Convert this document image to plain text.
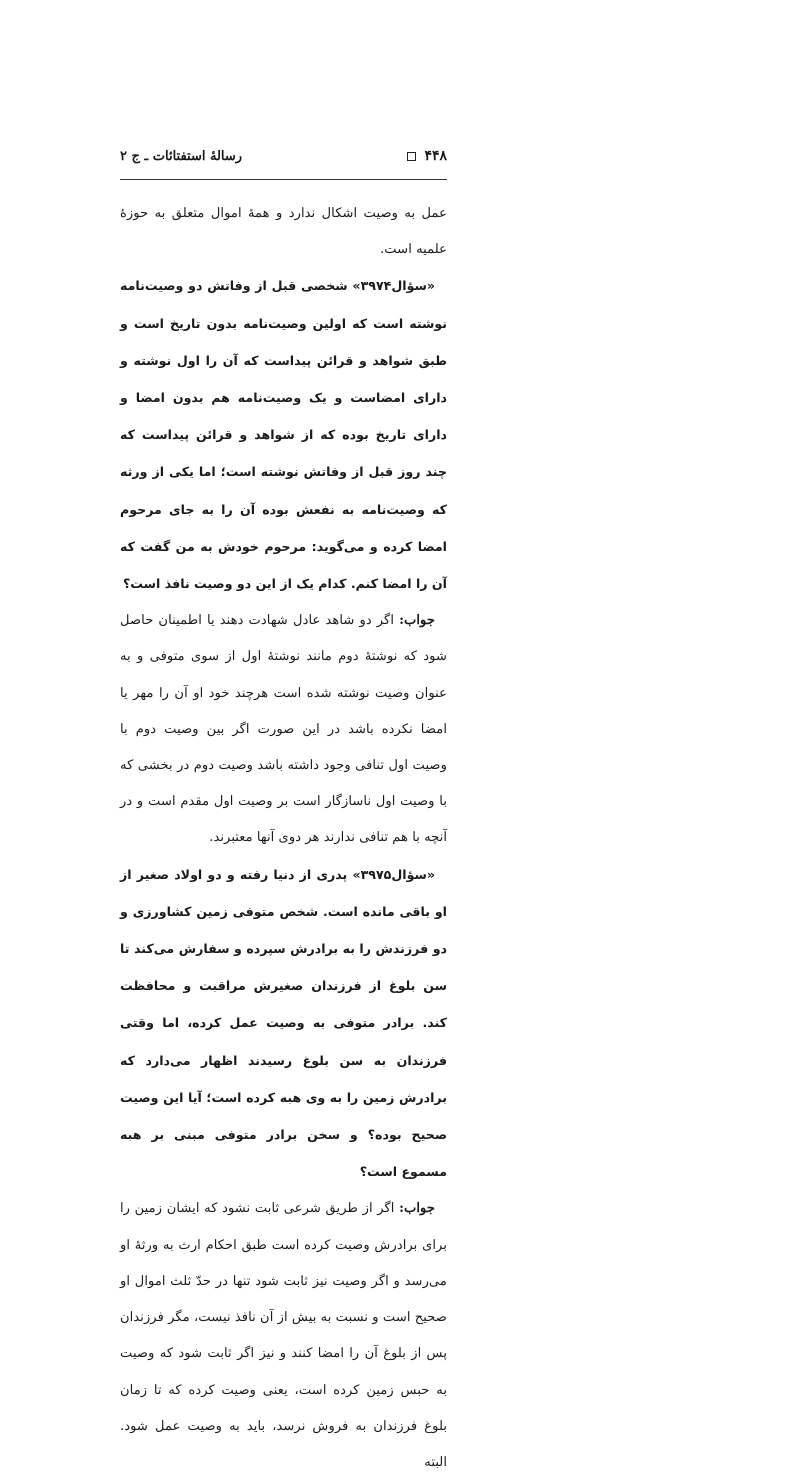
رسالهٔ استفتائات ـ ج ۲	۴۴۸

عمل به وصیت اشکال ندارد و همهٔ اموال متعلق به حوزهٔ علمیه است.

«سؤال۳۹۷۴» شخصی قبل از وفاتش دو وصیت‌نامه نوشته است که اولین وصیت‌نامه بدون تاریخ است و طبق شواهد و قرائن پیداست که آن را اول نوشته و دارای امضاست و یک وصیت‌نامه هم بدون امضا و دارای تاریخ بوده که از شواهد و قرائن پیداست که چند روز قبل از وفاتش نوشته است؛ اما یکی از ورثه که وصیت‌نامه به نفعش بوده آن را به جای مرحوم امضا کرده و می‌گوید: مرحوم خودش به من گفت که آن را امضا کنم. کدام یک از این دو وصیت نافذ است؟

جواب: اگر دو شاهد عادل شهادت دهند یا اطمینان حاصل شود که نوشتهٔ دوم مانند نوشتهٔ اول از سوی متوفی و به عنوان وصیت نوشته شده است هرچند خود او آن را مهر یا امضا نکرده باشد در این صورت اگر بین وصیت دوم با وصیت اول تنافی وجود داشته باشد وصیت دوم در بخشی که با وصیت اول ناسازگار است بر وصیت اول مقدم است و در آنچه با هم تنافی ندارند هر دوی آنها معتبرند.

«سؤال۳۹۷۵» پدری از دنیا رفته و دو اولاد صغیر از او باقی مانده است. شخص متوفی زمین کشاورزی و دو فرزندش را به برادرش سپرده و سفارش می‌کند تا سن بلوغ از فرزندان صغیرش مراقبت و محافظت کند. برادر متوفی به وصیت عمل کرده، اما وقتی فرزندان به سن بلوغ رسیدند اظهار می‌دارد که برادرش زمین را به وی هبه کرده است؛ آیا این وصیت صحیح بوده؟ و سخن برادر متوفی مبنی بر هبه مسموع است؟

جواب: اگر از طریق شرعی ثابت نشود که ایشان زمین را برای برادرش وصیت کرده است طبق احکام ارث به ورثهٔ او می‌رسد و اگر وصیت نیز ثابت شود تنها در حدّ ثلث اموال او صحیح است و نسبت به بیش از آن نافذ نیست، مگر فرزندان پس از بلوغ آن را امضا کنند و نیز اگر ثابت شود که وصیت به حبس زمین کرده است، یعنی وصیت کرده که تا زمان بلوغ فرزندان به فروش نرسد، باید به وصیت عمل شود. البته
